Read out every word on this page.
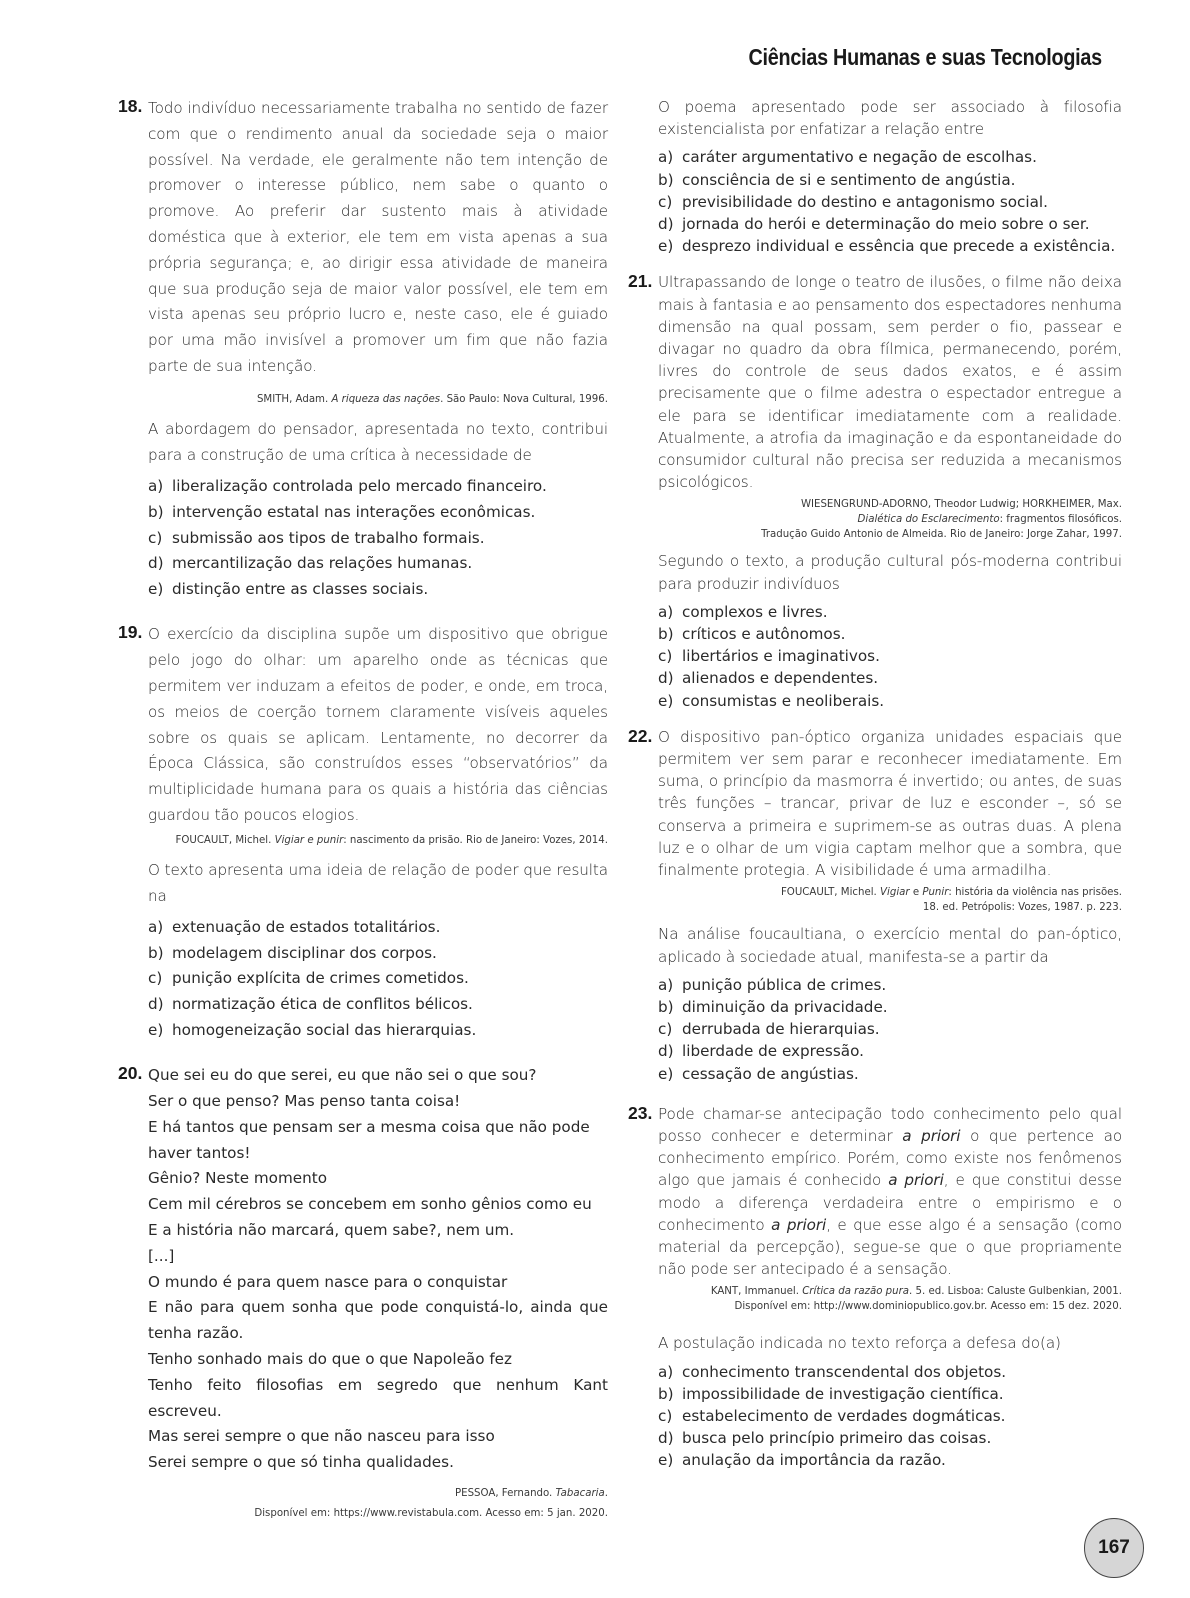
Ciências Humanas e suas Tecnologias
18. Todo indivíduo necessariamente trabalha no sentido de fazer com que o rendimento anual da sociedade seja o maior possível. Na verdade, ele geralmente não tem intenção de promover o interesse público, nem sabe o quanto o promove. Ao preferir dar sustento mais à atividade doméstica que à exterior, ele tem em vista apenas a sua própria segurança; e, ao dirigir essa atividade de maneira que sua produção seja de maior valor possível, ele tem em vista apenas seu próprio lucro e, neste caso, ele é guiado por uma mão invisível a promover um fim que não fazia parte de sua intenção.

SMITH, Adam. A riqueza das nações. São Paulo: Nova Cultural, 1996.

A abordagem do pensador, apresentada no texto, contribui para a construção de uma crítica à necessidade de

a) liberalização controlada pelo mercado financeiro.
b) intervenção estatal nas interações econômicas.
c) submissão aos tipos de trabalho formais.
d) mercantilização das relações humanas.
e) distinção entre as classes sociais.
19. O exercício da disciplina supõe um dispositivo que obrigue pelo jogo do olhar: um aparelho onde as técnicas que permitem ver induzam a efeitos de poder, e onde, em troca, os meios de coerção tornem claramente visíveis aqueles sobre os quais se aplicam. Lentamente, no decorrer da Época Clássica, são construídos esses “observatórios” da multiplicidade humana para os quais a história das ciências guardou tão poucos elogios.

FOUCAULT, Michel. Vigiar e punir: nascimento da prisão. Rio de Janeiro: Vozes, 2014.

O texto apresenta uma ideia de relação de poder que resulta na

a) extenuação de estados totalitários.
b) modelagem disciplinar dos corpos.
c) punição explícita de crimes cometidos.
d) normatização ética de conflitos bélicos.
e) homogeneização social das hierarquias.
20. Que sei eu do que serei, eu que não sei o que sou?

Ser o que penso? Mas penso tanta coisa!

E há tantos que pensam ser a mesma coisa que não pode haver tantos!

Gênio? Neste momento

Cem mil cérebros se concebem em sonho gênios como eu

E a história não marcará, quem sabe?, nem um.

[...]

O mundo é para quem nasce para o conquistar

E não para quem sonha que pode conquistá-lo, ainda que tenha razão.

Tenho sonhado mais do que o que Napoleão fez

Tenho feito filosofias em segredo que nenhum Kant escreveu.

Mas serei sempre o que não nasceu para isso

Serei sempre o que só tinha qualidades.

PESSOA, Fernando. Tabacaria.
Disponível em: https://www.revistabula.com. Acesso em: 5 jan. 2020.

O poema apresentado pode ser associado à filosofia existencialista por enfatizar a relação entre

a) caráter argumentativo e negação de escolhas.
b) consciência de si e sentimento de angústia.
c) previsibilidade do destino e antagonismo social.
d) jornada do herói e determinação do meio sobre o ser.
e) desprezo individual e essência que precede a existência.
21. Ultrapassando de longe o teatro de ilusões, o filme não deixa mais à fantasia e ao pensamento dos espectadores nenhuma dimensão na qual possam, sem perder o fio, passear e divagar no quadro da obra fílmica, permanecendo, porém, livres do controle de seus dados exatos, e é assim precisamente que o filme adestra o espectador entregue a ele para se identificar imediatamente com a realidade. Atualmente, a atrofia da imaginação e da espontaneidade do consumidor cultural não precisa ser reduzida a mecanismos psicológicos.

WIESENGRUND-ADORNO, Theodor Ludwig; HORKHEIMER, Max.
Dialética do Esclarecimento: fragmentos filosóficos.
Tradução Guido Antonio de Almeida. Rio de Janeiro: Jorge Zahar, 1997.

Segundo o texto, a produção cultural pós-moderna contribui para produzir indivíduos

a) complexos e livres.
b) críticos e autônomos.
c) libertários e imaginativos.
d) alienados e dependentes.
e) consumistas e neoliberais.
22. O dispositivo pan-óptico organiza unidades espaciais que permitem ver sem parar e reconhecer imediatamente. Em suma, o princípio da masmorra é invertido; ou antes, de suas três funções – trancar, privar de luz e esconder –, só se conserva a primeira e suprimem-se as outras duas. A plena luz e o olhar de um vigia captam melhor que a sombra, que finalmente protegia. A visibilidade é uma armadilha.

FOUCAULT, Michel. Vigiar e Punir: história da violência nas prisões.
18. ed. Petrópolis: Vozes, 1987. p. 223.

Na análise foucaultiana, o exercício mental do pan-óptico, aplicado à sociedade atual, manifesta-se a partir da

a) punição pública de crimes.
b) diminuição da privacidade.
c) derrubada de hierarquias.
d) liberdade de expressão.
e) cessação de angústias.
23. Pode chamar-se antecipação todo conhecimento pelo qual posso conhecer e determinar a priori o que pertence ao conhecimento empírico. Porém, como existe nos fenômenos algo que jamais é conhecido a priori, e que constitui desse modo a diferença verdadeira entre o empirismo e o conhecimento a priori, e que esse algo é a sensação (como material da percepção), segue-se que o que propriamente não pode ser antecipado é a sensação.

KANT, Immanuel. Crítica da razão pura. 5. ed. Lisboa: Caluste Gulbenkian, 2001.
Disponível em: http://www.dominiopublico.gov.br. Acesso em: 15 dez. 2020.

A postulação indicada no texto reforça a defesa do(a)

a) conhecimento transcendental dos objetos.
b) impossibilidade de investigação científica.
c) estabelecimento de verdades dogmáticas.
d) busca pelo princípio primeiro das coisas.
e) anulação da importância da razão.
167
